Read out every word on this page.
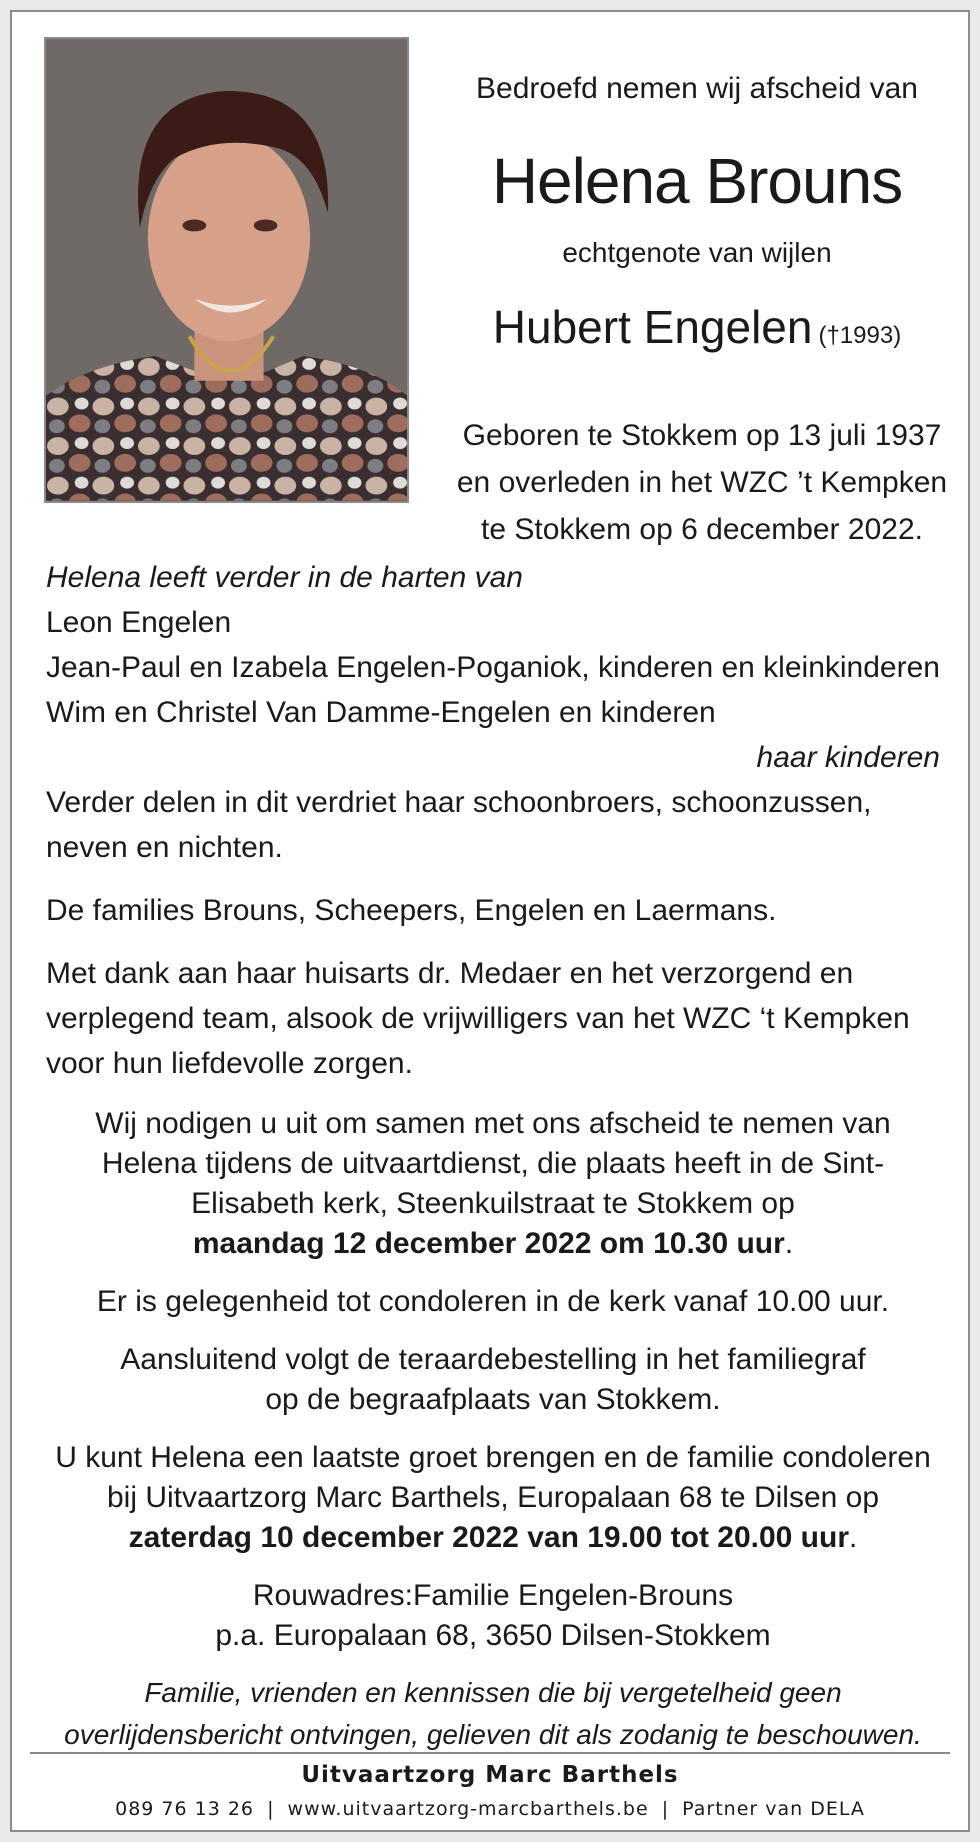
Bedroefd nemen wij afscheid van
Helena Brouns
echtgenote van wijlen
Hubert Engelen (†1993)
Geboren te Stokkem op 13 juli 1937
en overleden in het WZC ’t Kempken
te Stokkem op 6 december 2022.

Helena leeft verder in de harten van

Leon Engelen

Jean-Paul en Izabela Engelen-Poganiok, kinderen en kleinkinderen

Wim en Christel Van Damme-Engelen en kinderen

haar kinderen

Verder delen in dit verdriet haar schoonbroers, schoonzussen, neven en nichten.

De families Brouns, Scheepers, Engelen en Laermans.

Met dank aan haar huisarts dr. Medaer en het verzorgend en verplegend team, alsook de vrijwilligers van het WZC ‘t Kempken voor hun liefdevolle zorgen.

Wij nodigen u uit om samen met ons afscheid te nemen van

Helena tijdens de uitvaartdienst, die plaats heeft in de Sint-

Elisabeth kerk, Steenkuilstraat te Stokkem op

maandag 12 december 2022 om 10.30 uur.

Er is gelegenheid tot condoleren in de kerk vanaf 10.00 uur.

Aansluitend volgt de teraardebestelling in het familiegraf

op de begraafplaats van Stokkem.

U kunt Helena een laatste groet brengen en de familie condoleren

bij Uitvaartzorg Marc Barthels, Europalaan 68 te Dilsen op

zaterdag 10 december 2022 van 19.00 tot 20.00 uur.

Rouwadres:Familie Engelen-Brouns

p.a. Europalaan 68, 3650 Dilsen-Stokkem

Familie, vrienden en kennissen die bij vergetelheid geen
overlijdensbericht ontvingen, gelieven dit als zodanig te beschouwen.
Uitvaartzorg Marc Barthels
089 76 13 26 | www.uitvaartzorg-marcbarthels.be | Partner van DELA
